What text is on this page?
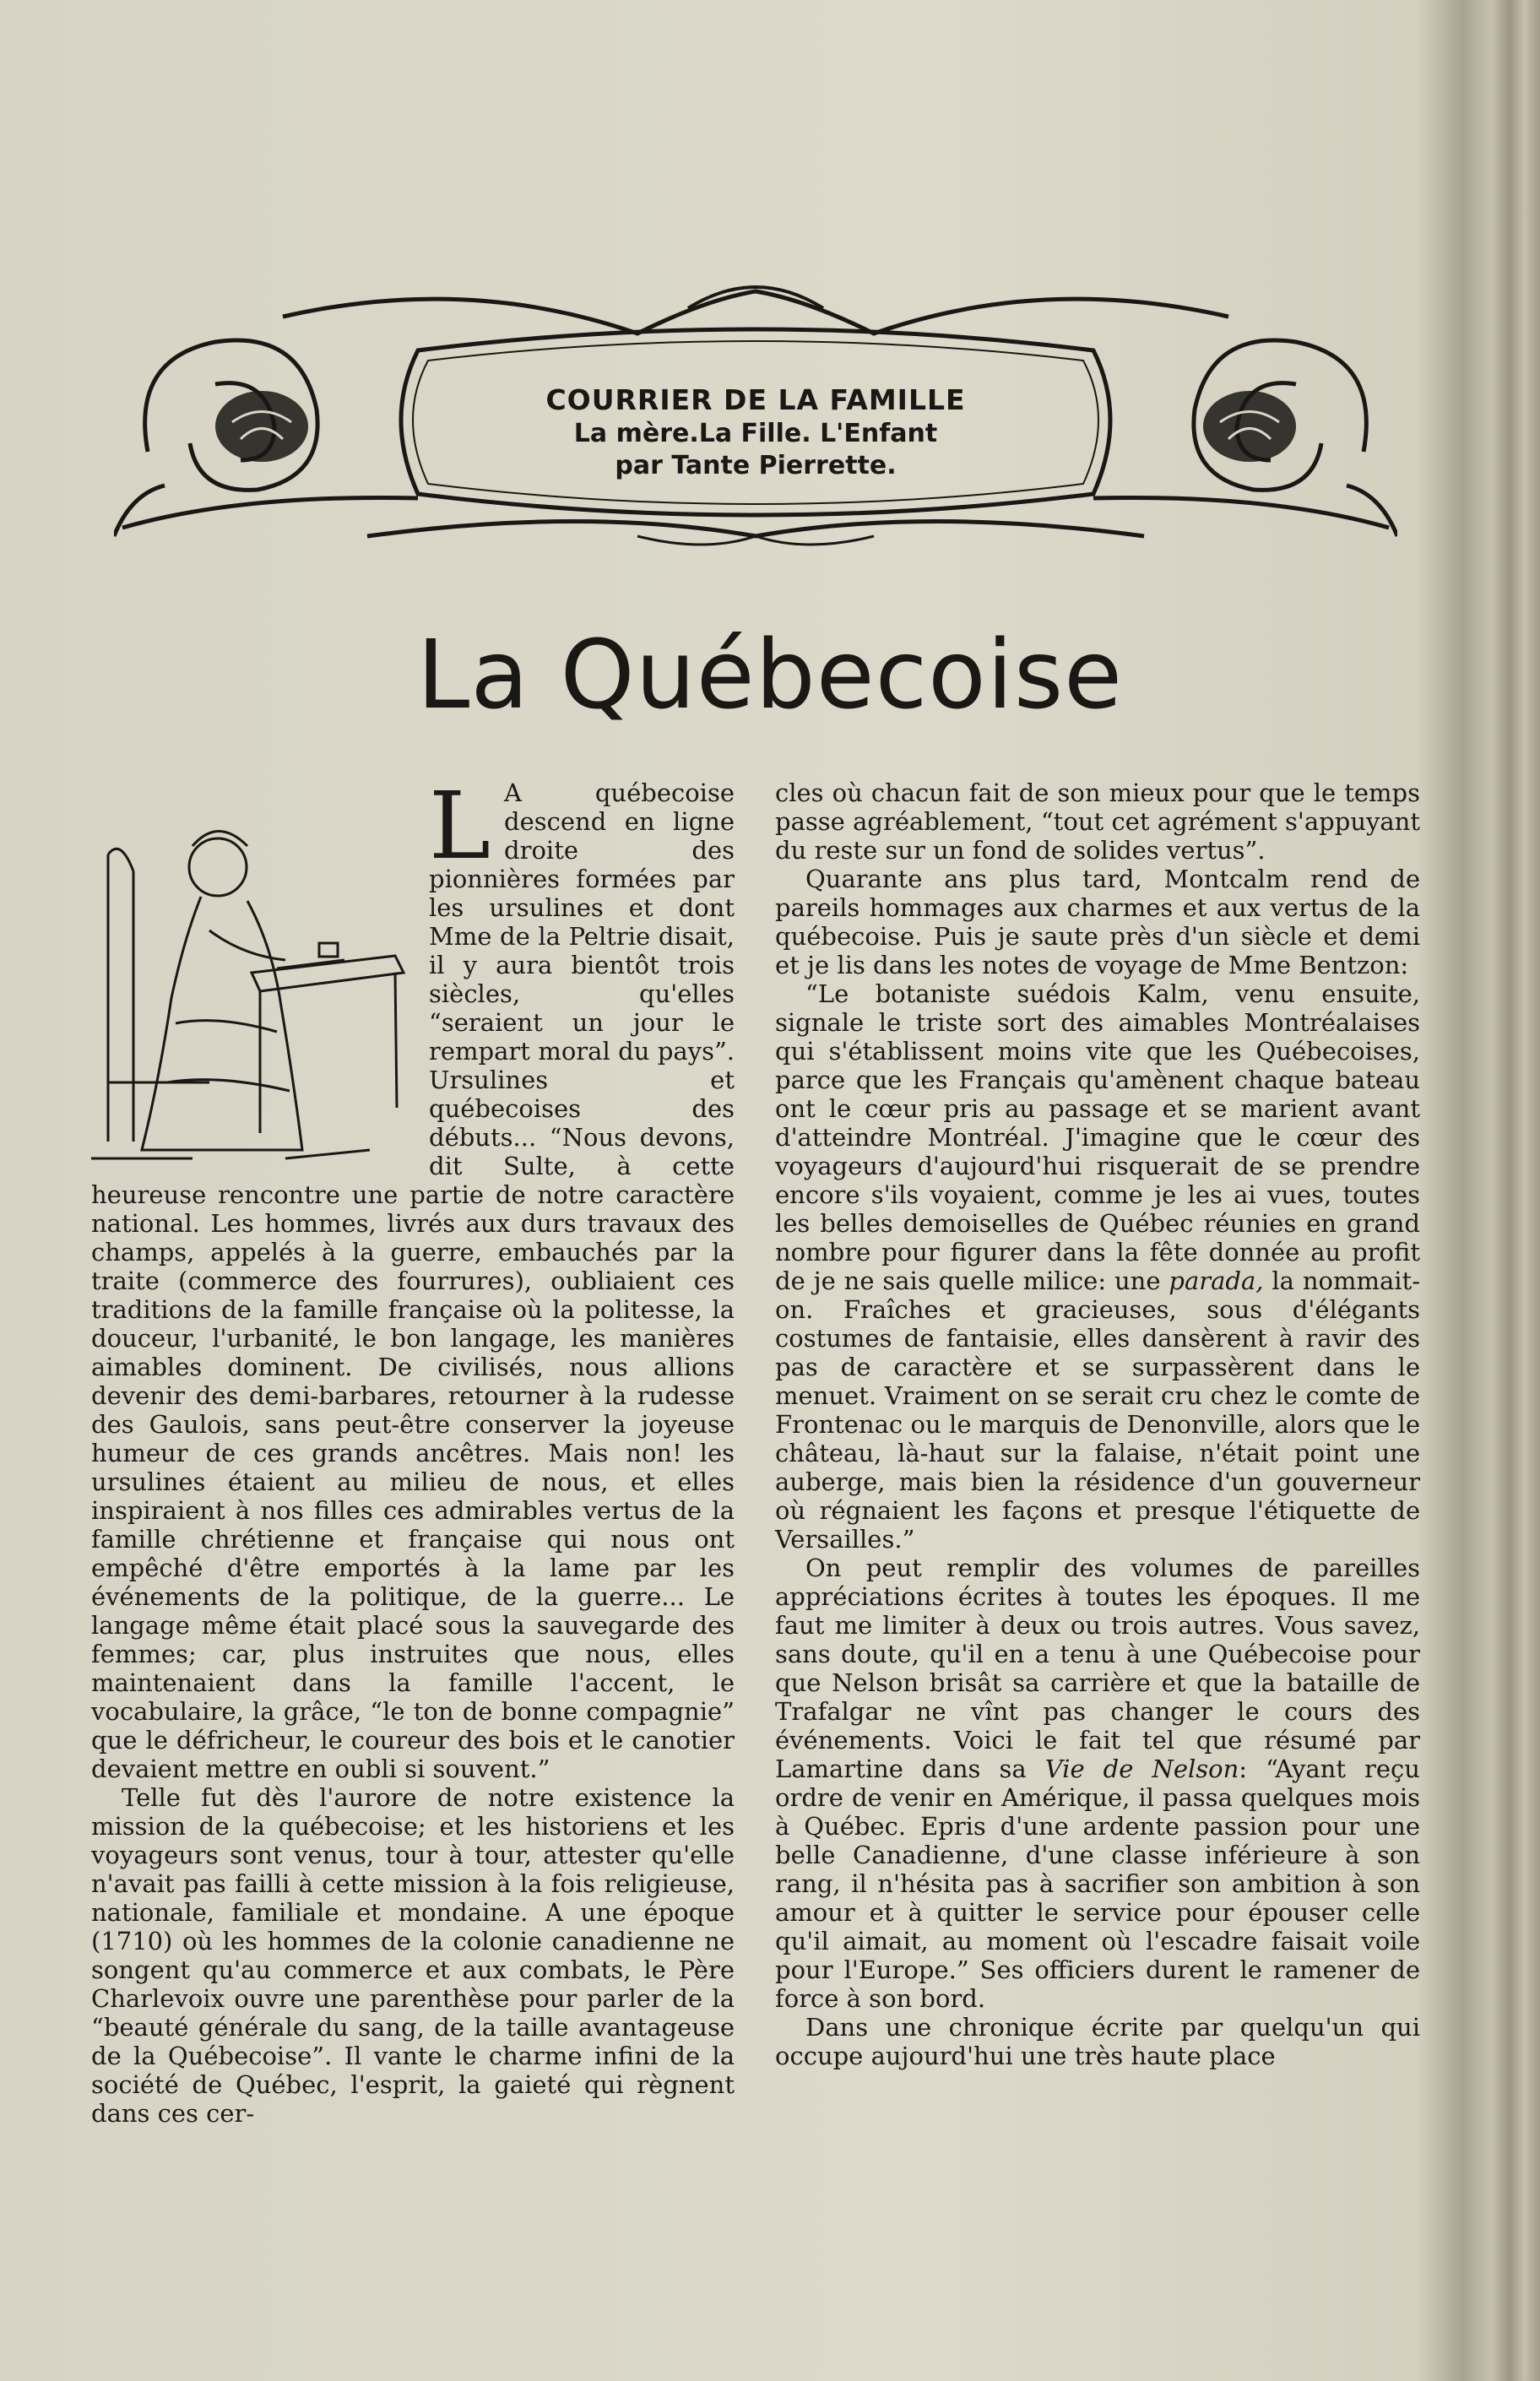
COURRIER DE LA FAMILLE
La mère.La Fille. L'Enfant
par Tante Pierrette.
La Québecoise
L A québecoise descend en ligne droite des pionnières formées par les ursulines et dont Mme de la Peltrie disait, il y aura bientôt trois siècles, qu'elles “seraient un jour le rempart moral du pays”. Ursulines et québecoises des débuts... “Nous devons, dit Sulte, à cette heureuse rencontre une partie de notre caractère national. Les hommes, livrés aux durs travaux des champs, appelés à la guerre, embauchés par la traite (commerce des fourrures), oubliaient ces traditions de la famille française où la politesse, la douceur, l'urbanité, le bon langage, les manières aimables dominent. De civilisés, nous allions devenir des demi-barbares, retourner à la rudesse des Gaulois, sans peut-être conserver la joyeuse humeur de ces grands ancêtres. Mais non! les ursulines étaient au milieu de nous, et elles inspiraient à nos filles ces admirables vertus de la famille chrétienne et française qui nous ont empêché d'être emportés à la lame par les événements de la politique, de la guerre... Le langage même était placé sous la sauvegarde des femmes; car, plus instruites que nous, elles maintenaient dans la famille l'accent, le vocabulaire, la grâce, “le ton de bonne compagnie” que le défricheur, le coureur des bois et le canotier devaient mettre en oubli si souvent.”

Telle fut dès l'aurore de notre existence la mission de la québecoise; et les historiens et les voyageurs sont venus, tour à tour, attester qu'elle n'avait pas failli à cette mission à la fois religieuse, nationale, familiale et mondaine. A une époque (1710) où les hommes de la colonie canadienne ne songent qu'au commerce et aux combats, le Père Charlevoix ouvre une parenthèse pour parler de la “beauté générale du sang, de la taille avantageuse de la Québecoise”. Il vante le charme infini de la société de Québec, l'esprit, la gaieté qui règnent dans ces cer-

cles où chacun fait de son mieux pour que le temps passe agréablement, “tout cet agrément s'appuyant du reste sur un fond de solides vertus”.

Quarante ans plus tard, Montcalm rend de pareils hommages aux charmes et aux vertus de la québecoise. Puis je saute près d'un siècle et demi et je lis dans les notes de voyage de Mme Bentzon:

“Le botaniste suédois Kalm, venu ensuite, signale le triste sort des aimables Montréalaises qui s'établissent moins vite que les Québecoises, parce que les Français qu'amènent chaque bateau ont le cœur pris au passage et se marient avant d'atteindre Montréal. J'imagine que le cœur des voyageurs d'aujourd'hui risquerait de se prendre encore s'ils voyaient, comme je les ai vues, toutes les belles demoiselles de Québec réunies en grand nombre pour figurer dans la fête donnée au profit de je ne sais quelle milice: une parada, la nommait-on. Fraîches et gracieuses, sous d'élégants costumes de fantaisie, elles dansèrent à ravir des pas de caractère et se surpassèrent dans le menuet. Vraiment on se serait cru chez le comte de Frontenac ou le marquis de Denonville, alors que le château, là-haut sur la falaise, n'était point une auberge, mais bien la résidence d'un gouverneur où régnaient les façons et presque l'étiquette de Versailles.”

On peut remplir des volumes de pareilles appréciations écrites à toutes les époques. Il me faut me limiter à deux ou trois autres. Vous savez, sans doute, qu'il en a tenu à une Québecoise pour que Nelson brisât sa carrière et que la bataille de Trafalgar ne vînt pas changer le cours des événements. Voici le fait tel que résumé par Lamartine dans sa Vie de Nelson: “Ayant reçu ordre de venir en Amérique, il passa quelques mois à Québec. Epris d'une ardente passion pour une belle Canadienne, d'une classe inférieure à son rang, il n'hésita pas à sacrifier son ambition à son amour et à quitter le service pour épouser celle qu'il aimait, au moment où l'escadre faisait voile pour l'Europe.” Ses officiers durent le ramener de force à son bord.

Dans une chronique écrite par quelqu'un qui occupe aujourd'hui une très haute place
